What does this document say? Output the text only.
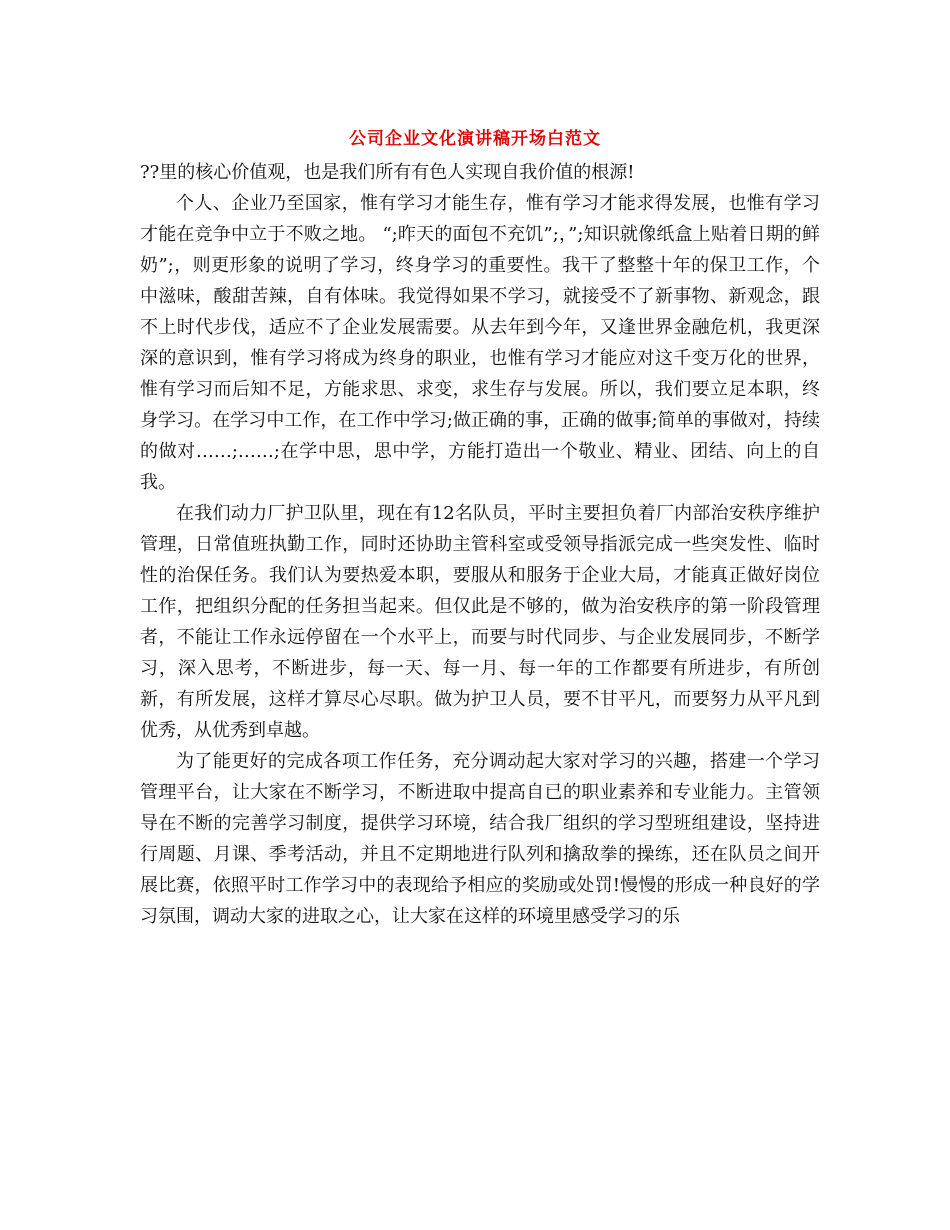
公司企业文化演讲稿开场白范文

??里的核心价值观，也是我们所有有色人实现自我价值的根源!

个人、企业乃至国家，惟有学习才能生存，惟有学习才能求得发展，也惟有学习才能在竞争中立于不败之地。 “;昨天的面包不充饥”;，”;知识就像纸盒上贴着日期的鲜奶”;，则更形象的说明了学习，终身学习的重要性。我干了整整十年的保卫工作，个中滋味，酸甜苦辣，自有体味。我觉得如果不学习，就接受不了新事物、新观念，跟不上时代步伐，适应不了企业发展需要。从去年到今年，又逢世界金融危机，我更深深的意识到，惟有学习将成为终身的职业，也惟有学习才能应对这千变万化的世界，惟有学习而后知不足，方能求思、求变，求生存与发展。所以，我们要立足本职，终身学习。在学习中工作，在工作中学习;做正确的事，正确的做事;简单的事做对，持续的做对……;……;在学中思，思中学，方能打造出一个敬业、精业、团结、向上的自我。

在我们动力厂护卫队里，现在有12名队员，平时主要担负着厂内部治安秩序维护管理，日常值班执勤工作，同时还协助主管科室或受领导指派完成一些突发性、临时性的治保任务。我们认为要热爱本职，要服从和服务于企业大局，才能真正做好岗位工作，把组织分配的任务担当起来。但仅此是不够的，做为治安秩序的第一阶段管理者，不能让工作永远停留在一个水平上，而要与时代同步、与企业发展同步，不断学习，深入思考，不断进步，每一天、每一月、每一年的工作都要有所进步，有所创新，有所发展，这样才算尽心尽职。做为护卫人员，要不甘平凡，而要努力从平凡到优秀，从优秀到卓越。

为了能更好的完成各项工作任务，充分调动起大家对学习的兴趣，搭建一个学习管理平台，让大家在不断学习，不断进取中提高自已的职业素养和专业能力。主管领导在不断的完善学习制度，提供学习环境，结合我厂组织的学习型班组建设，坚持进行周题、月课、季考活动，并且不定期地进行队列和擒敌拳的操练，还在队员之间开展比赛，依照平时工作学习中的表现给予相应的奖励或处罚!慢慢的形成一种良好的学习氛围，调动大家的进取之心，让大家在这样的环境里感受学习的乐
